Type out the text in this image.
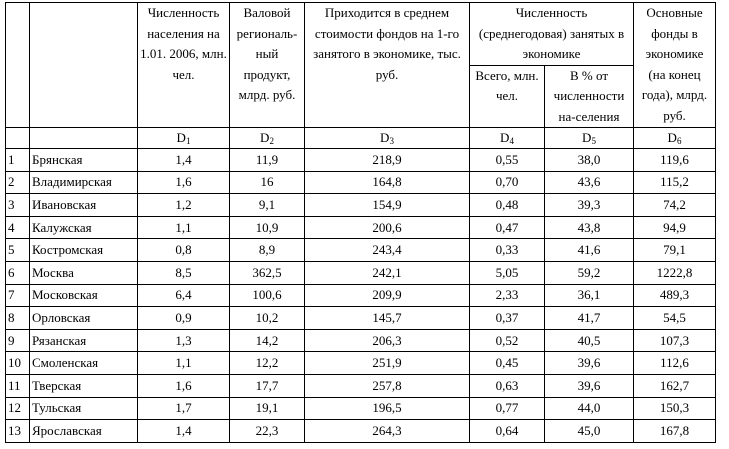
		Численность населения на 1.01. 2006, млн. чел.	Валовой региональ-ный продукт, млрд. руб.	Приходится в среднем стоимости фондов на 1-го занятого в экономике, тыс. руб.	Численность (среднегодовая) занятых в экономике		Основные фонды в экономике (на конец года), млрд. руб.
					Всего, млн. чел.	В % от численности на-селения	
		$D_1$	$D_2$	$D_3$	$D_4$	$D_5$	$D_6$
1	Брянская	1,4	11,9	218,9	0,55	38,0	119,6
2	Владимирская	1,6	16	164,8	0,70	43,6	115,2
3	Ивановская	1,2	9,1	154,9	0,48	39,3	74,2
4	Калужская	1,1	10,9	200,6	0,47	43,8	94,9
5	Костромская	0,8	8,9	243,4	0,33	41,6	79,1
6	Москва	8,5	362,5	242,1	5,05	59,2	1222,8
7	Московская	6,4	100,6	209,9	2,33	36,1	489,3
8	Орловская	0,9	10,2	145,7	0,37	41,7	54,5
9	Рязанская	1,3	14,2	206,3	0,52	40,5	107,3
10	Смоленская	1,1	12,2	251,9	0,45	39,6	112,6
11	Тверская	1,6	17,7	257,8	0,63	39,6	162,7
12	Тульская	1,7	19,1	196,5	0,77	44,0	150,3
13	Ярославская	1,4	22,3	264,3	0,64	45,0	167,8
